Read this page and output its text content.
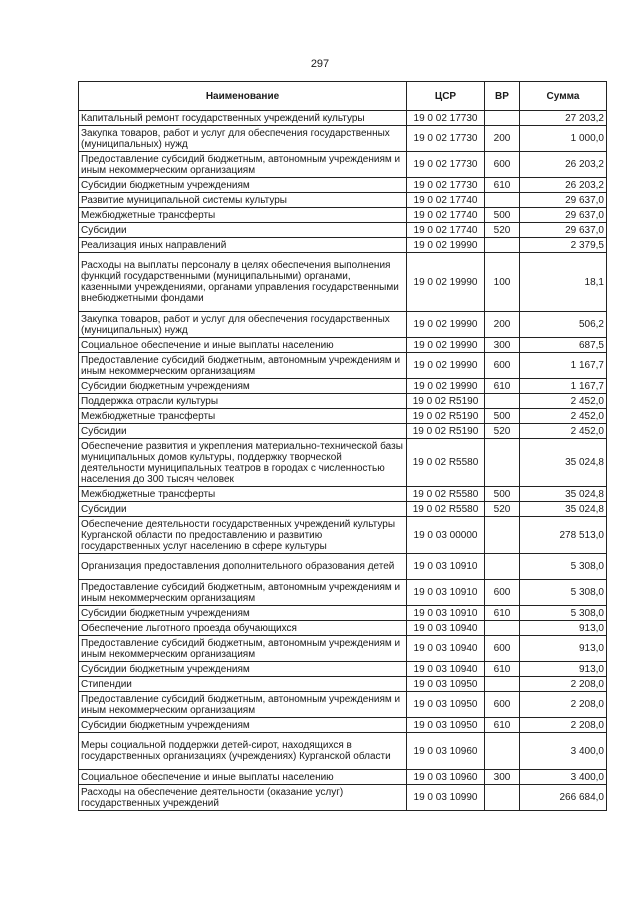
297
Наименование	ЦСР	ВР	Сумма
Капитальный ремонт государственных учреждений культуры	19 0 02 17730		27 203,2
Закупка товаров, работ и услуг для обеспечения государственных (муниципальных) нужд	19 0 02 17730	200	1 000,0
Предоставление субсидий бюджетным, автономным учреждениям и иным некоммерческим организациям	19 0 02 17730	600	26 203,2
Субсидии бюджетным учреждениям	19 0 02 17730	610	26 203,2
Развитие муниципальной системы культуры	19 0 02 17740		29 637,0
Межбюджетные трансферты	19 0 02 17740	500	29 637,0
Субсидии	19 0 02 17740	520	29 637,0
Реализация иных направлений	19 0 02 19990		2 379,5
Расходы на выплаты персоналу в целях обеспечения выполнения функций государственными (муниципальными) органами, казенными учреждениями, органами управления государственными внебюджетными фондами	19 0 02 19990	100	18,1
Закупка товаров, работ и услуг для обеспечения государственных (муниципальных) нужд	19 0 02 19990	200	506,2
Социальное обеспечение и иные выплаты населению	19 0 02 19990	300	687,5
Предоставление субсидий бюджетным, автономным учреждениям и иным некоммерческим организациям	19 0 02 19990	600	1 167,7
Субсидии бюджетным учреждениям	19 0 02 19990	610	1 167,7
Поддержка отрасли культуры	19 0 02 R5190		2 452,0
Межбюджетные трансферты	19 0 02 R5190	500	2 452,0
Субсидии	19 0 02 R5190	520	2 452,0
Обеспечение развития и укрепления материально-технической базы муниципальных домов культуры, поддержку творческой деятельности муниципальных театров в городах с численностью населения до 300 тысяч человек	19 0 02 R5580		35 024,8
Межбюджетные трансферты	19 0 02 R5580	500	35 024,8
Субсидии	19 0 02 R5580	520	35 024,8
Обеспечение деятельности государственных учреждений культуры Курганской области по предоставлению и развитию государственных услуг населению в сфере культуры	19 0 03 00000		278 513,0
Организация предоставления дополнительного образования детей	19 0 03 10910		5 308,0
Предоставление субсидий бюджетным, автономным учреждениям и иным некоммерческим организациям	19 0 03 10910	600	5 308,0
Субсидии бюджетным учреждениям	19 0 03 10910	610	5 308,0
Обеспечение льготного проезда обучающихся	19 0 03 10940		913,0
Предоставление субсидий бюджетным, автономным учреждениям и иным некоммерческим организациям	19 0 03 10940	600	913,0
Субсидии бюджетным учреждениям	19 0 03 10940	610	913,0
Стипендии	19 0 03 10950		2 208,0
Предоставление субсидий бюджетным, автономным учреждениям и иным некоммерческим организациям	19 0 03 10950	600	2 208,0
Субсидии бюджетным учреждениям	19 0 03 10950	610	2 208,0
Меры социальной поддержки детей-сирот, находящихся в государственных организациях (учреждениях) Курганской области	19 0 03 10960		3 400,0
Социальное обеспечение и иные выплаты населению	19 0 03 10960	300	3 400,0
Расходы на обеспечение деятельности (оказание услуг) государственных учреждений	19 0 03 10990		266 684,0
